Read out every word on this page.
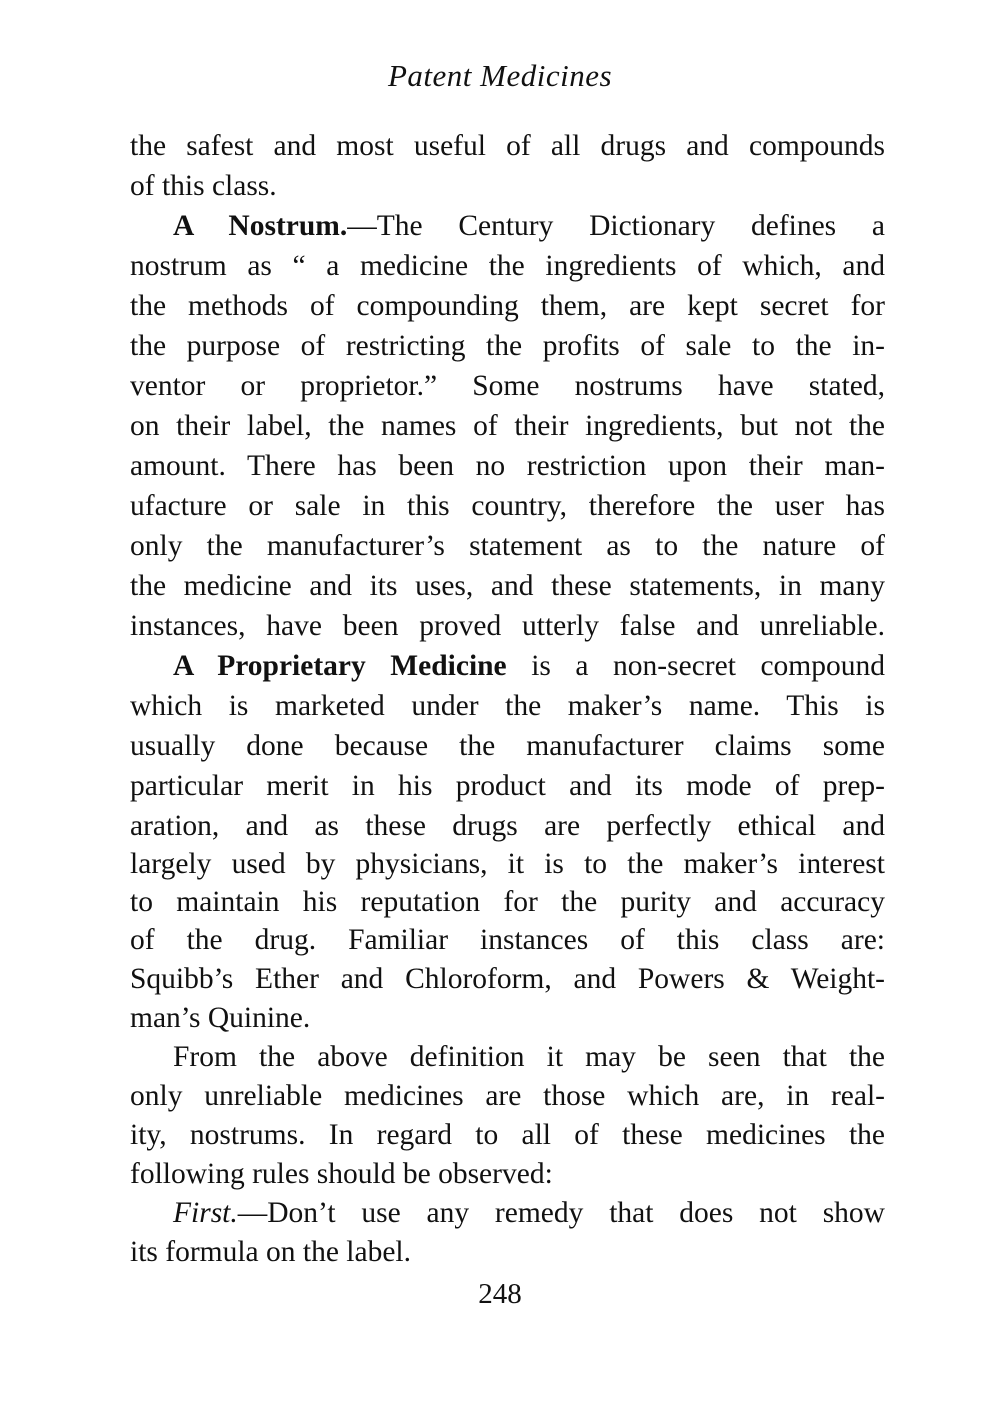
Patent Medicines
the safest and most useful of all drugs and compounds
of this class.
A Nostrum.—The Century Dictionary defines a
nostrum as “ a medicine the ingredients of which, and
the methods of compounding them, are kept secret for
the purpose of restricting the profits of sale to the in-
ventor or proprietor.” Some nostrums have stated,
on their label, the names of their ingredients, but not the
amount. There has been no restriction upon their man-
ufacture or sale in this country, therefore the user has
only the manufacturer’s statement as to the nature of
the medicine and its uses, and these statements, in many
instances, have been proved utterly false and unreliable.
A Proprietary Medicine is a non-secret compound
which is marketed under the maker’s name. This is
usually done because the manufacturer claims some
particular merit in his product and its mode of prep-
aration, and as these drugs are perfectly ethical and
largely used by physicians, it is to the maker’s interest
to maintain his reputation for the purity and accuracy
of the drug. Familiar instances of this class are:
Squibb’s Ether and Chloroform, and Powers & Weight-
man’s Quinine.
From the above definition it may be seen that the
only unreliable medicines are those which are, in real-
ity, nostrums. In regard to all of these medicines the
following rules should be observed:
First.—Don’t use any remedy that does not show
its formula on the label.
248
